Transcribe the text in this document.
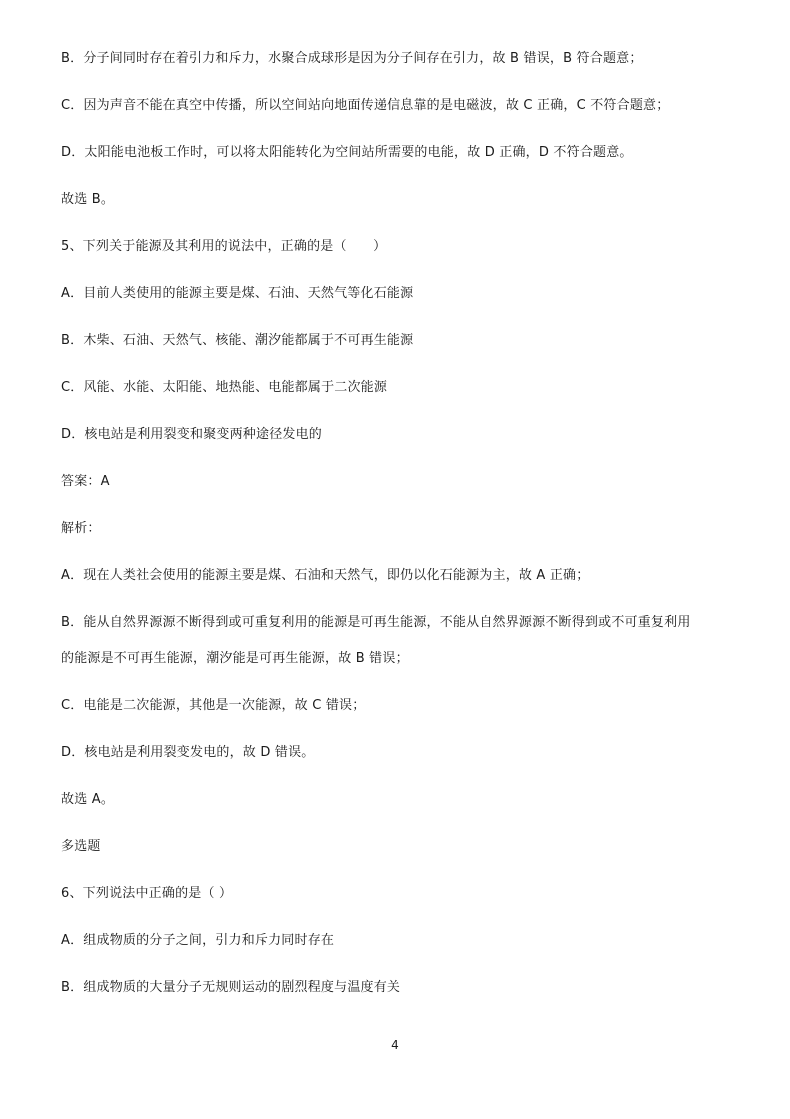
B．分子间同时存在着引力和斥力，水聚合成球形是因为分子间存在引力，故 B 错误，B 符合题意；
C．因为声音不能在真空中传播，所以空间站向地面传递信息靠的是电磁波，故 C 正确，C 不符合题意；
D．太阳能电池板工作时，可以将太阳能转化为空间站所需要的电能，故 D 正确，D 不符合题意。
故选 B。
5、下列关于能源及其利用的说法中，正确的是（　　）
A．目前人类使用的能源主要是煤、石油、天然气等化石能源
B．木柴、石油、天然气、核能、潮汐能都属于不可再生能源
C．风能、水能、太阳能、地热能、电能都属于二次能源
D．核电站是利用裂变和聚变两种途径发电的
答案：A
解析：
A．现在人类社会使用的能源主要是煤、石油和天然气，即仍以化石能源为主，故 A 正确；
B．能从自然界源源不断得到或可重复利用的能源是可再生能源，不能从自然界源源不断得到或不可重复利用
的能源是不可再生能源，潮汐能是可再生能源，故 B 错误；
C．电能是二次能源，其他是一次能源，故 C 错误；
D．核电站是利用裂变发电的，故 D 错误。
故选 A。
多选题
6、下列说法中正确的是（ ）
A．组成物质的分子之间，引力和斥力同时存在
B．组成物质的大量分子无规则运动的剧烈程度与温度有关
4
